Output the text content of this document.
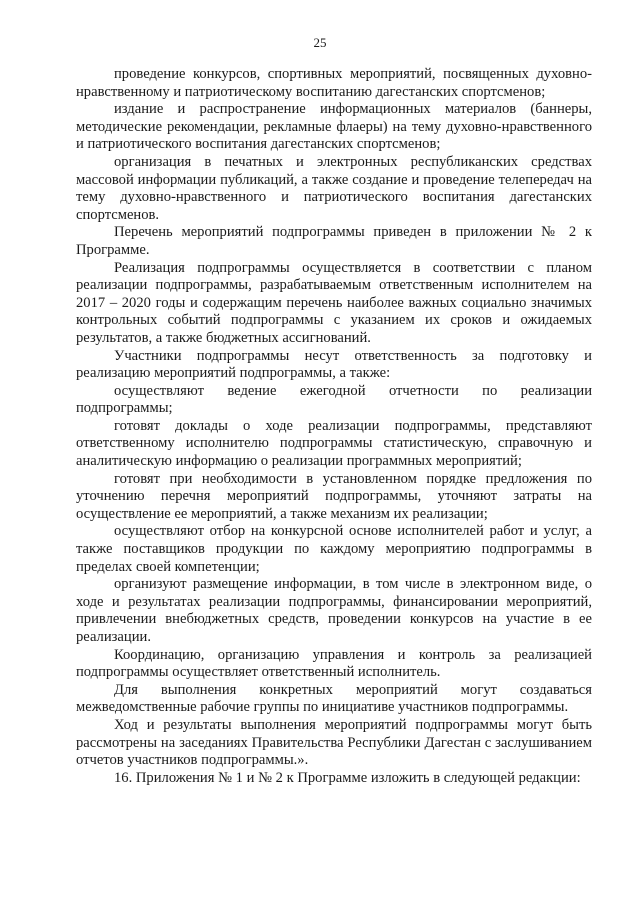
25

проведение конкурсов, спортивных мероприятий, посвященных духовно-нравственному и патриотическому воспитанию дагестанских спортсменов;

издание и распространение информационных материалов (баннеры, методические рекомендации, рекламные флаеры) на тему духовно-нравственного и патриотического воспитания дагестанских спортсменов;

организация в печатных и электронных республиканских средствах массовой информации публикаций, а также создание и проведение телепередач на тему духовно-нравственного и патриотического воспитания дагестанских спортсменов.

Перечень мероприятий подпрограммы приведен в приложении № 2 к Программе.

Реализация подпрограммы осуществляется в соответствии с планом реализации подпрограммы, разрабатываемым ответственным исполнителем на 2017 – 2020 годы и содержащим перечень наиболее важных социально значимых контрольных событий подпрограммы с указанием их сроков и ожидаемых результатов, а также бюджетных ассигнований.

Участники подпрограммы несут ответственность за подготовку и реализацию мероприятий подпрограммы, а также:

осуществляют ведение ежегодной отчетности по реализации подпрограммы;

готовят доклады о ходе реализации подпрограммы, представляют ответственному исполнителю подпрограммы статистическую, справочную и аналитическую информацию о реализации программных мероприятий;

готовят при необходимости в установленном порядке предложения по уточнению перечня мероприятий подпрограммы, уточняют затраты на осуществление ее мероприятий, а также механизм их реализации;

осуществляют отбор на конкурсной основе исполнителей работ и услуг, а также поставщиков продукции по каждому мероприятию подпрограммы в пределах своей компетенции;

организуют размещение информации, в том числе в электронном виде, о ходе и результатах реализации подпрограммы, финансировании мероприятий, привлечении внебюджетных средств, проведении конкурсов на участие в ее реализации.

Координацию, организацию управления и контроль за реализацией подпрограммы осуществляет ответственный исполнитель.

Для выполнения конкретных мероприятий могут создаваться межведомственные рабочие группы по инициативе участников подпрограммы.

Ход и результаты выполнения мероприятий подпрограммы могут быть рассмотрены на заседаниях Правительства Республики Дагестан с заслушиванием отчетов участников подпрограммы.».

16. Приложения № 1 и № 2 к Программе изложить в следующей редакции:
